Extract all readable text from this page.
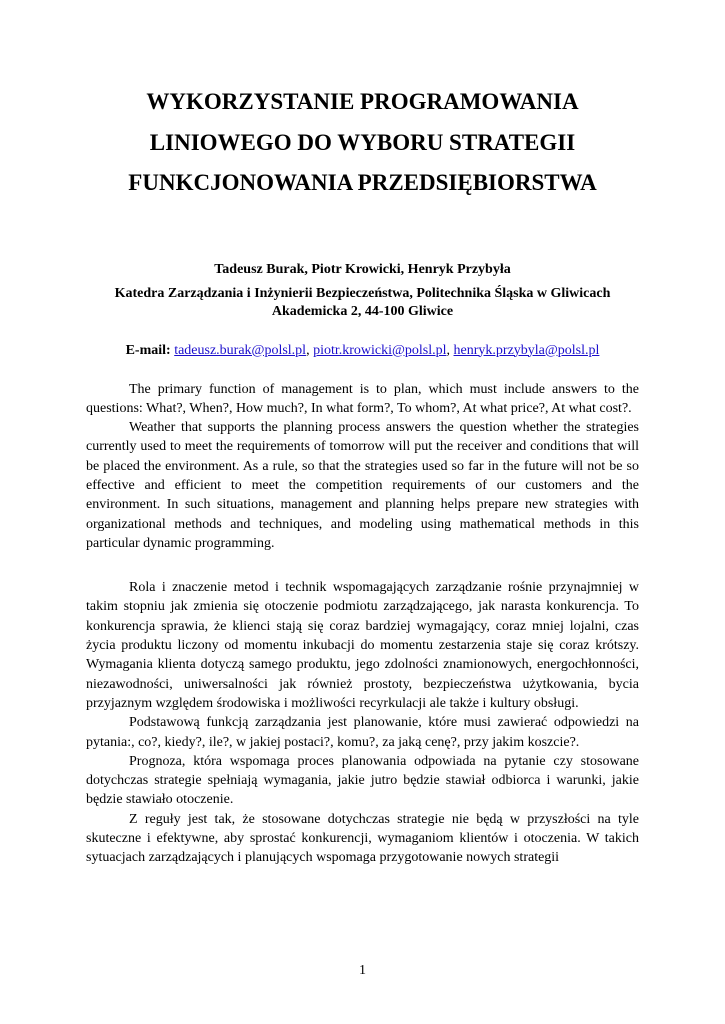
WYKORZYSTANIE PROGRAMOWANIA
LINIOWEGO DO WYBORU STRATEGII
FUNKCJONOWANIA PRZEDSIĘBIORSTWA
Tadeusz Burak, Piotr Krowicki, Henryk Przybyła
Katedra Zarządzania i Inżynierii Bezpieczeństwa, Politechnika Śląska w Gliwicach
Akademicka 2, 44-100 Gliwice
E-mail: tadeusz.burak@polsl.pl, piotr.krowicki@polsl.pl, henryk.przybyla@polsl.pl

The primary function of management is to plan, which must include answers to the questions: What?, When?, How much?, In what form?, To whom?, At what price?, At what cost?.

Weather that supports the planning process answers the question whether the strategies currently used to meet the requirements of tomorrow will put the receiver and conditions that will be placed the environment. As a rule, so that the strategies used so far in the future will not be so effective and efficient to meet the competition requirements of our customers and the environment. In such situations, management and planning helps prepare new strategies with organizational methods and techniques, and modeling using mathematical methods in this particular dynamic programming.

Rola i znaczenie metod i technik wspomagających zarządzanie rośnie przynajmniej w takim stopniu jak zmienia się otoczenie podmiotu zarządzającego, jak narasta konkurencja. To konkurencja sprawia, że klienci stają się coraz bardziej wymagający, coraz mniej lojalni, czas życia produktu liczony od momentu inkubacji do momentu zestarzenia staje się coraz krótszy. Wymagania klienta dotyczą samego produktu, jego zdolności znamionowych, energochłonności, niezawodności, uniwersalności jak również prostoty, bezpieczeństwa użytkowania, bycia przyjaznym względem środowiska i możliwości recyrkulacji ale także i kultury obsługi.

Podstawową funkcją zarządzania jest planowanie, które musi zawierać odpowiedzi na pytania:, co?, kiedy?, ile?, w jakiej postaci?, komu?, za jaką cenę?, przy jakim koszcie?.

Prognoza, która wspomaga proces planowania odpowiada na pytanie czy stosowane dotychczas strategie spełniają wymagania, jakie jutro będzie stawiał odbiorca i warunki, jakie będzie stawiało otoczenie.

Z reguły jest tak, że stosowane dotychczas strategie nie będą w przyszłości na tyle skuteczne i efektywne, aby sprostać konkurencji, wymaganiom klientów i otoczenia. W takich sytuacjach zarządzających i planujących wspomaga przygotowanie nowych strategii

1
